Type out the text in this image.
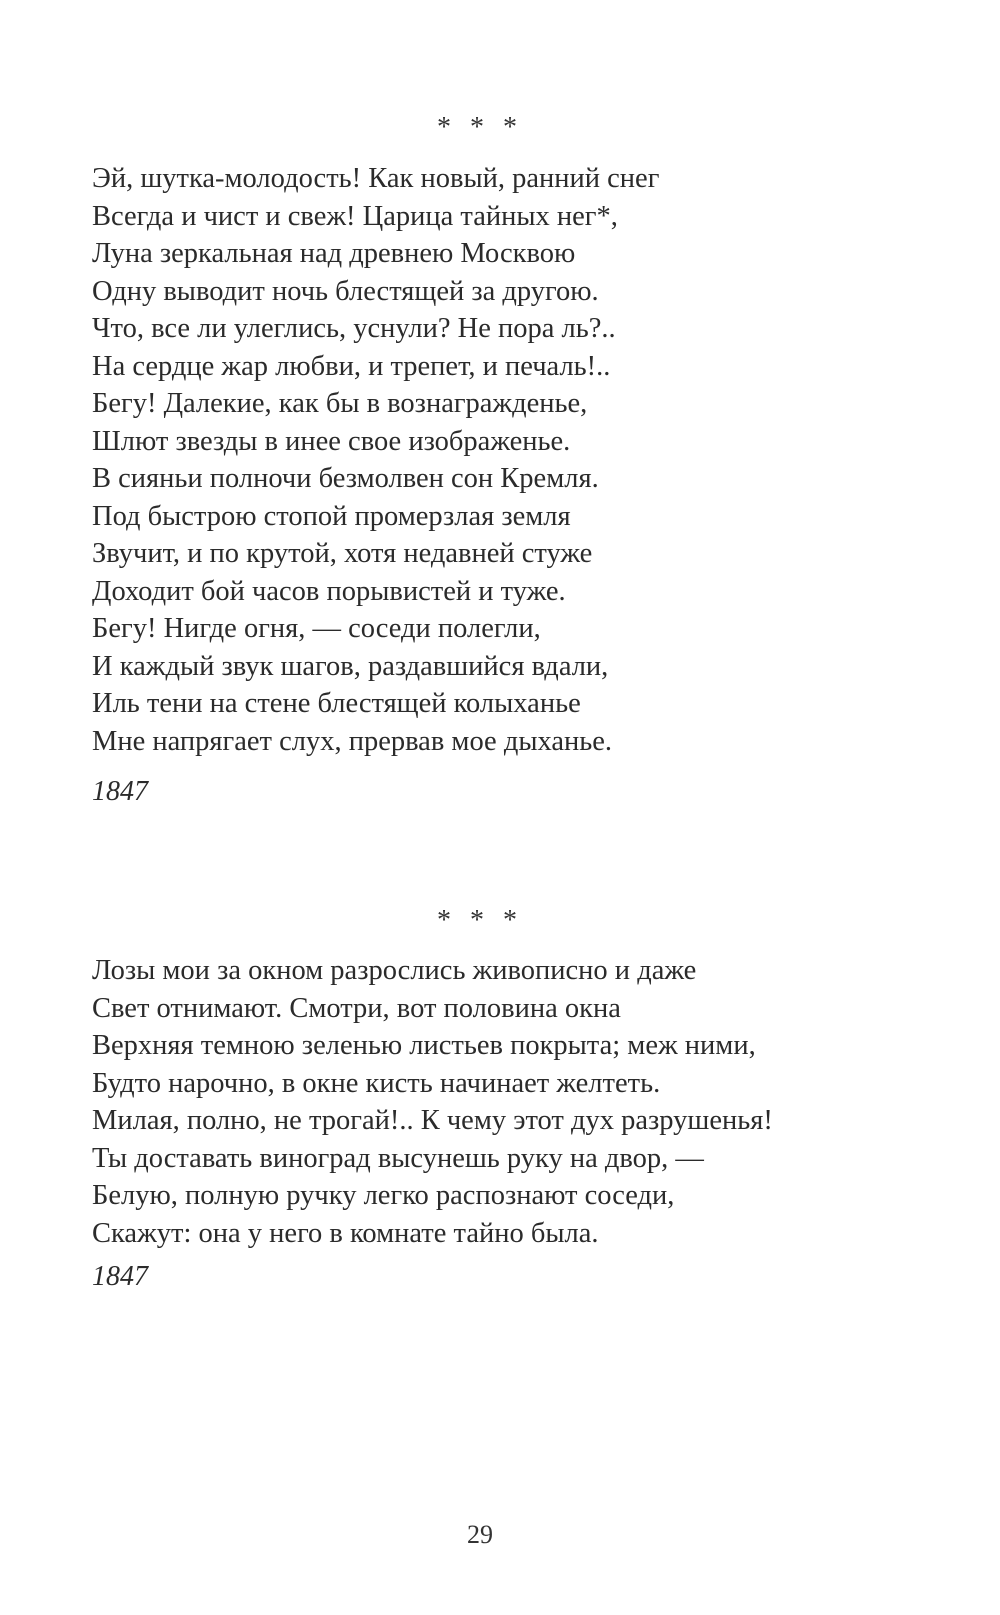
* * *
Эй, шутка-молодость! Как новый, ранний снег
Всегда и чист и свеж! Царица тайных нег*,
Луна зеркальная над древнею Москвою
Одну выводит ночь блестящей за другою.
Что, все ли улеглись, уснули? Не пора ль?..
На сердце жар любви, и трепет, и печаль!..
Бегу! Далекие, как бы в вознагражденье,
Шлют звезды в инее свое изображенье.
В сияньи полночи безмолвен сон Кремля.
Под быстрою стопой промерзлая земля
Звучит, и по крутой, хотя недавней стуже
Доходит бой часов порывистей и туже.
Бегу! Нигде огня, — соседи полегли,
И каждый звук шагов, раздавшийся вдали,
Иль тени на стене блестящей колыханье
Мне напрягает слух, прервав мое дыханье.
1847
* * *
Лозы мои за окном разрослись живописно и даже
Свет отнимают. Смотри, вот половина окна
Верхняя темною зеленью листьев покрыта; меж ними,
Будто нарочно, в окне кисть начинает желтеть.
Милая, полно, не трогай!.. К чему этот дух разрушенья!
Ты доставать виноград высунешь руку на двор, —
Белую, полную ручку легко распознают соседи,
Скажут: она у него в комнате тайно была.
1847
29
